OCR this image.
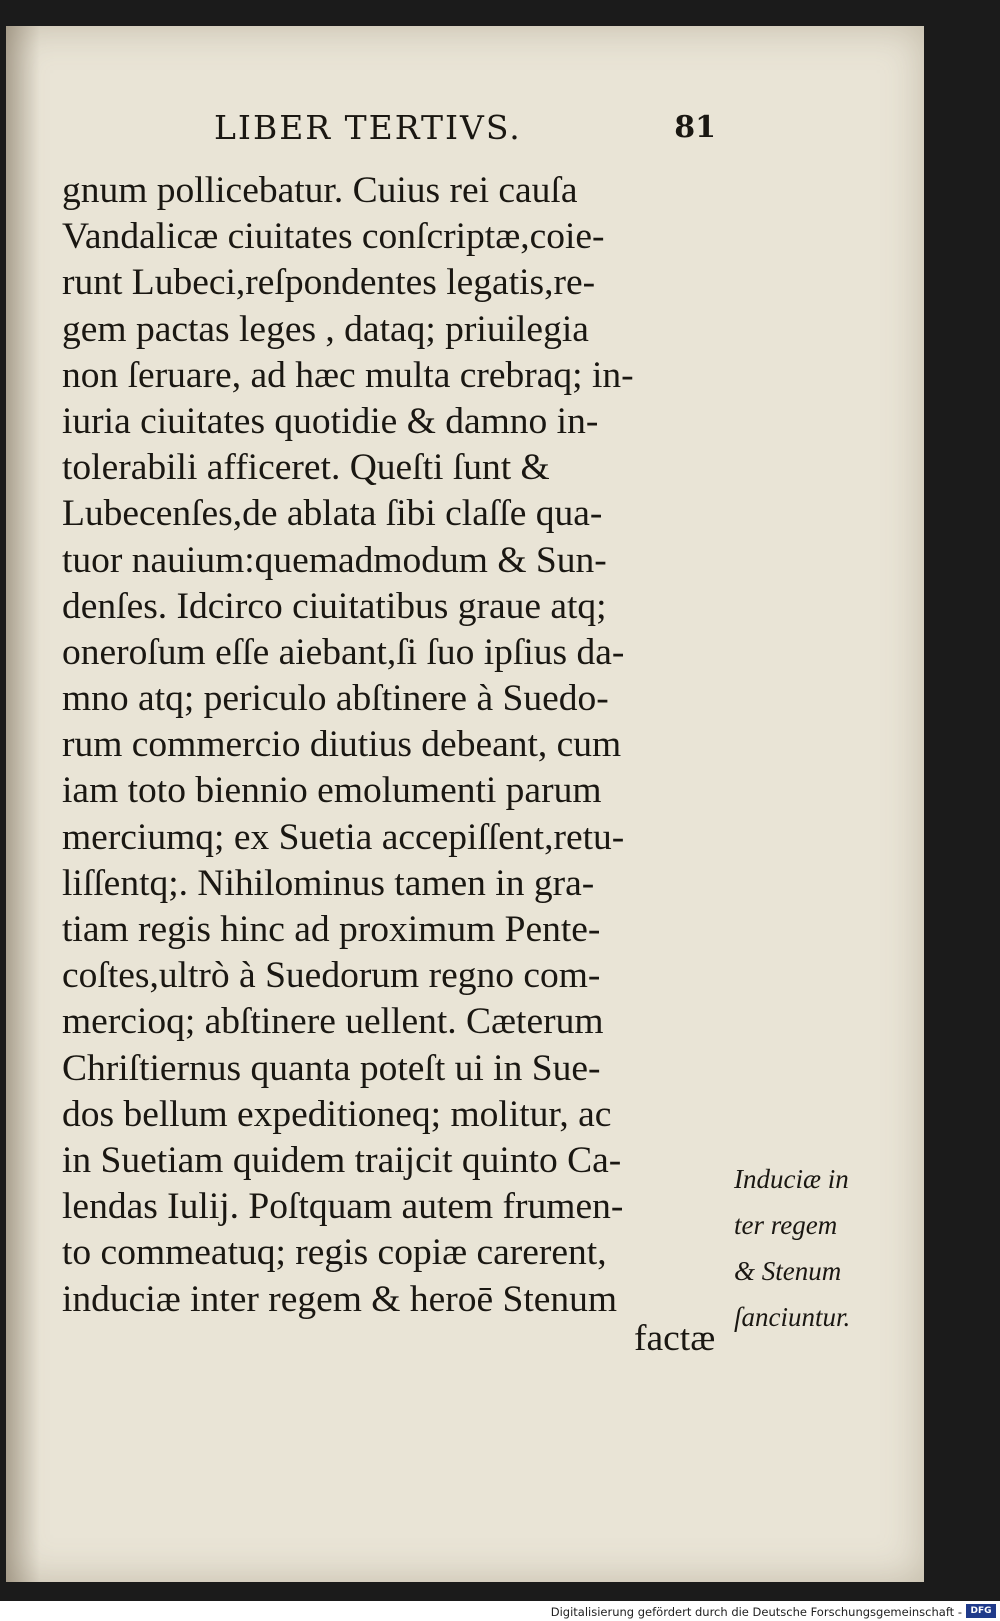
LIBER TERTIVS.	81
gnum pollicebatur. Cuius rei cauſa
Vandalicæ ciuitates conſcriptæ,coie-
runt Lubeci,reſpondentes legatis,re-
gem pactas leges , dataq; priuilegia
non ſeruare, ad hæc multa crebraq; in-
iuria ciuitates quotidie & damno in-
tolerabili afficeret. Queſti ſunt &
Lubecenſes,de ablata ſibi claſſe qua-
tuor nauium:quemadmodum & Sun-
denſes. Idcirco ciuitatibus graue atq;
oneroſum eſſe aiebant,ſi ſuo ipſius da-
mno atq; periculo abſtinere à Suedo-
rum commercio diutius debeant, cum
iam toto biennio emolumenti parum
merciumq; ex Suetia accepiſſent,retu-
liſſentq;. Nihilominus tamen in gra-
tiam regis hinc ad proximum Pente-
coſtes,ultrò à Suedorum regno com-
mercioq; abſtinere uellent. Cæterum
Chriſtiernus quanta poteſt ui in Sue-
dos bellum expeditioneq; molitur, ac
in Suetiam quidem traijcit quinto Ca-
lendas Iulij. Poſtquam autem frumen-
to commeatuq; regis copiæ carerent,
induciæ inter regem & heroē Stenum
factæ
Induciæ in
ter regem
& Stenum
ſanciuntur.
Digitalisierung gefördert durch die Deutsche Forschungsgemeinschaft - DFG
